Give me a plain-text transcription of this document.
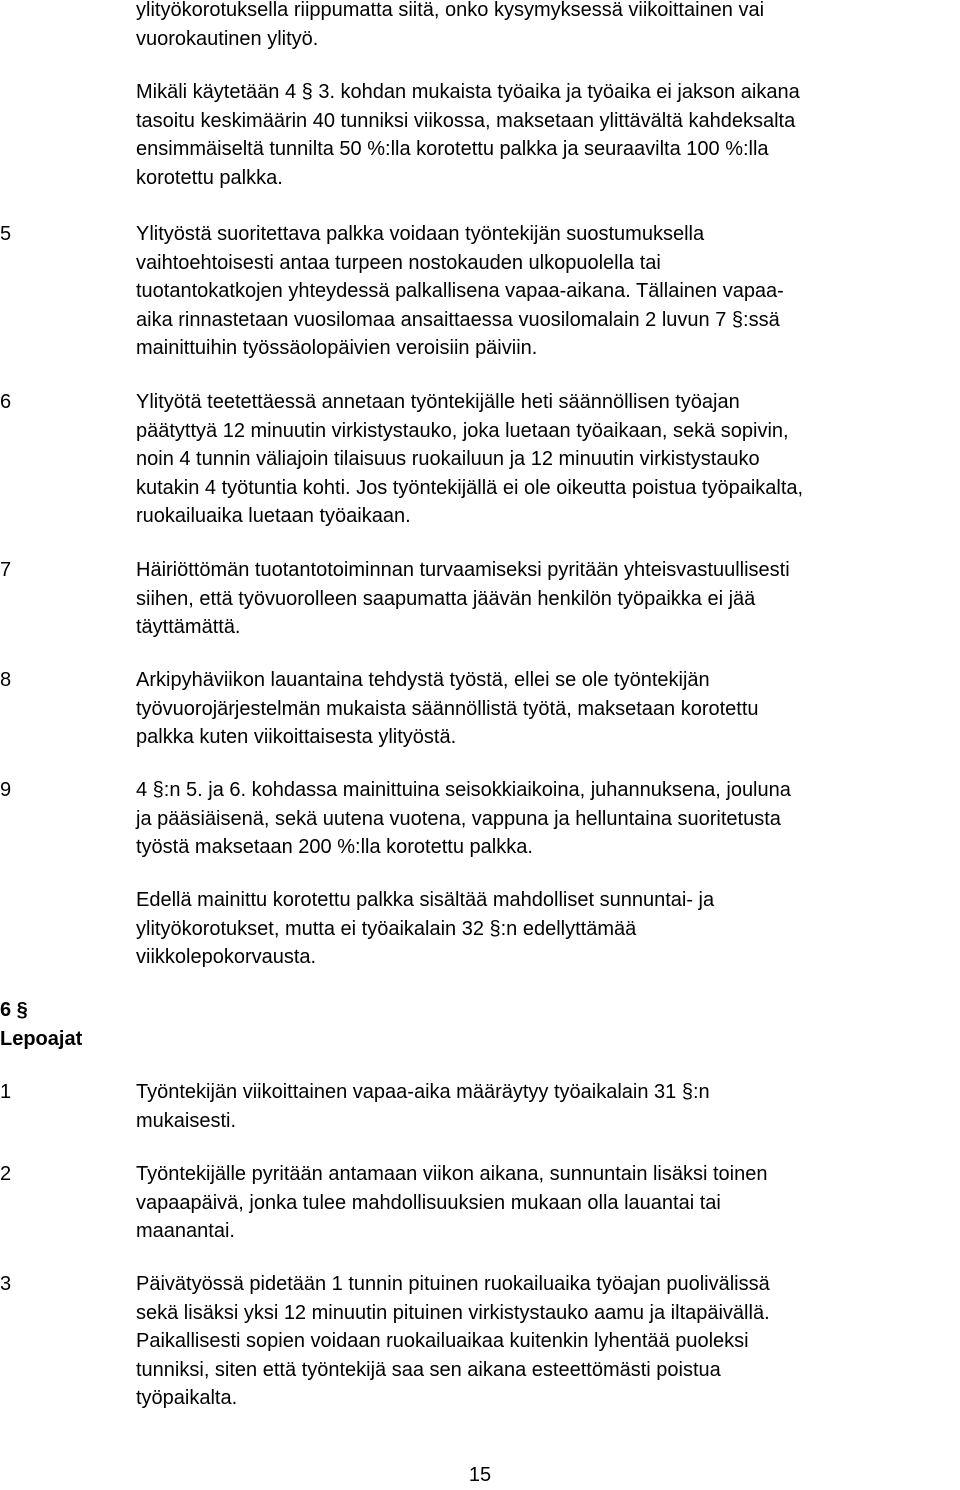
ylityökorotuksella riippumatta siitä, onko kysymyksessä viikoittainen vai
vuorokautinen ylityö.
Mikäli käytetään 4 § 3. kohdan mukaista työaika ja työaika ei jakson aikana
tasoitu keskimäärin 40 tunniksi viikossa, maksetaan ylittävältä kahdeksalta
ensimmäiseltä tunnilta 50 %:lla korotettu palkka ja seuraavilta 100 %:lla
korotettu palkka.
5	Ylityöstä suoritettava palkka voidaan työntekijän suostumuksella
vaihtoehtoisesti antaa turpeen nostokauden ulkopuolella tai
tuotantokatkojen yhteydessä palkallisena vapaa-aikana. Tällainen vapaa-
aika rinnastetaan vuosilomaa ansaittaessa vuosilomalain 2 luvun 7 §:ssä
mainittuihin työssäolopäivien veroisiin päiviin.
6	Ylityötä teetettäessä annetaan työntekijälle heti säännöllisen työajan
päätyttyä 12 minuutin virkistystauko, joka luetaan työaikaan, sekä sopivin,
noin 4 tunnin väliajoin tilaisuus ruokailuun ja 12 minuutin virkistystauko
kutakin 4 työtuntia kohti. Jos työntekijällä ei ole oikeutta poistua työpaikalta,
ruokailuaika luetaan työaikaan.
7	Häiriöttömän tuotantotoiminnan turvaamiseksi pyritään yhteisvastuullisesti
siihen, että työvuorolleen saapumatta jäävän henkilön työpaikka ei jää
täyttämättä.
8	Arkipyhäviikon lauantaina tehdystä työstä, ellei se ole työntekijän
työvuorojärjestelmän mukaista säännöllistä työtä, maksetaan korotettu
palkka kuten viikoittaisesta ylityöstä.
9	4 §:n 5. ja 6. kohdassa mainittuina seisokkiaikoina, juhannuksena, jouluna
ja pääsiäisenä, sekä uutena vuotena, vappuna ja helluntaina suoritetusta
työstä maksetaan 200 %:lla korotettu palkka.
Edellä mainittu korotettu palkka sisältää mahdolliset sunnuntai- ja
ylityökorotukset, mutta ei työaikalain 32 §:n edellyttämää
viikkolepokorvausta.
6 §
Lepoajat
1	Työntekijän viikoittainen vapaa-aika määräytyy työaikalain 31 §:n
mukaisesti.
2	Työntekijälle pyritään antamaan viikon aikana, sunnuntain lisäksi toinen
vapaapäivä, jonka tulee mahdollisuuksien mukaan olla lauantai tai
maanantai.
3	Päivätyössä pidetään 1 tunnin pituinen ruokailuaika työajan puolivälissä
sekä lisäksi yksi 12 minuutin pituinen virkistystauko aamu ja iltapäivällä.
Paikallisesti sopien voidaan ruokailuaikaa kuitenkin lyhentää puoleksi
tunniksi, siten että työntekijä saa sen aikana esteettömästi poistua
työpaikalta.
15
